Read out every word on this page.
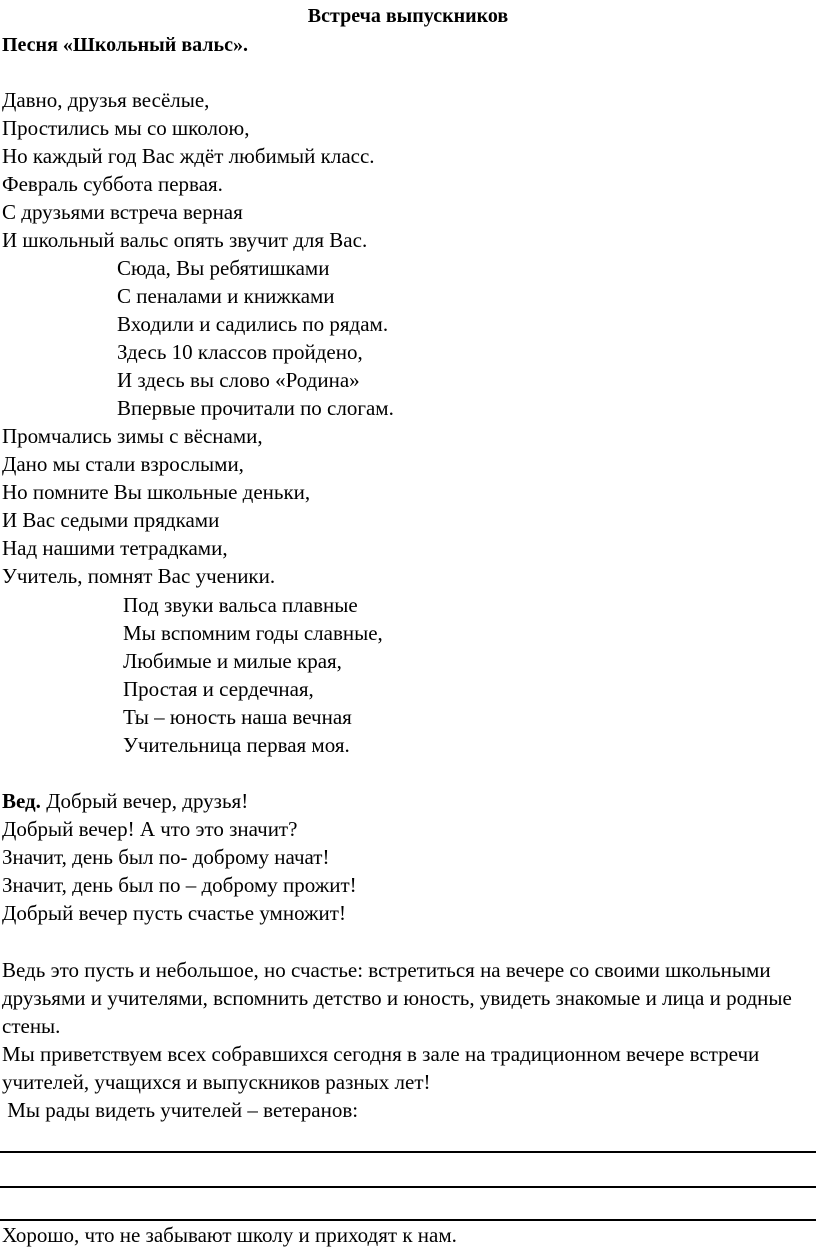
Встреча выпускников
Песня «Школьный вальс».
Давно, друзья весёлые,
Простились мы со школою,
Но каждый год Вас ждёт любимый класс.
Февраль суббота первая.
С друзьями встреча верная
И школьный вальс опять звучит для Вас.
Сюда, Вы ребятишками
С пеналами и книжками
Входили и садились по рядам.
Здесь 10 классов пройдено,
И здесь вы слово «Родина»
Впервые прочитали по слогам.
Промчались зимы с вёснами,
Дано мы стали взрослыми,
Но помните Вы школьные деньки,
И Вас седыми прядками
Над нашими тетрадками,
Учитель, помнят Вас ученики.
Под звуки вальса плавные
Мы вспомним годы славные,
Любимые и милые края,
Простая и сердечная,
Ты – юность наша вечная
Учительница первая моя.
Вед. Добрый вечер, друзья!
Добрый вечер! А что это значит?
Значит, день был по- доброму начат!
Значит, день был по – доброму прожит!
Добрый вечер пусть счастье умножит!
Ведь это пусть и небольшое, но счастье: встретиться на вечере со своими школьными друзьями и учителями, вспомнить детство и юность, увидеть знакомые и лица и родные стены.
Мы приветствуем всех собравшихся сегодня в зале на традиционном вечере встречи учителей, учащихся и выпускников разных лет!
Мы рады видеть учителей – ветеранов:
Хорошо, что не забывают школу и приходят к нам.
